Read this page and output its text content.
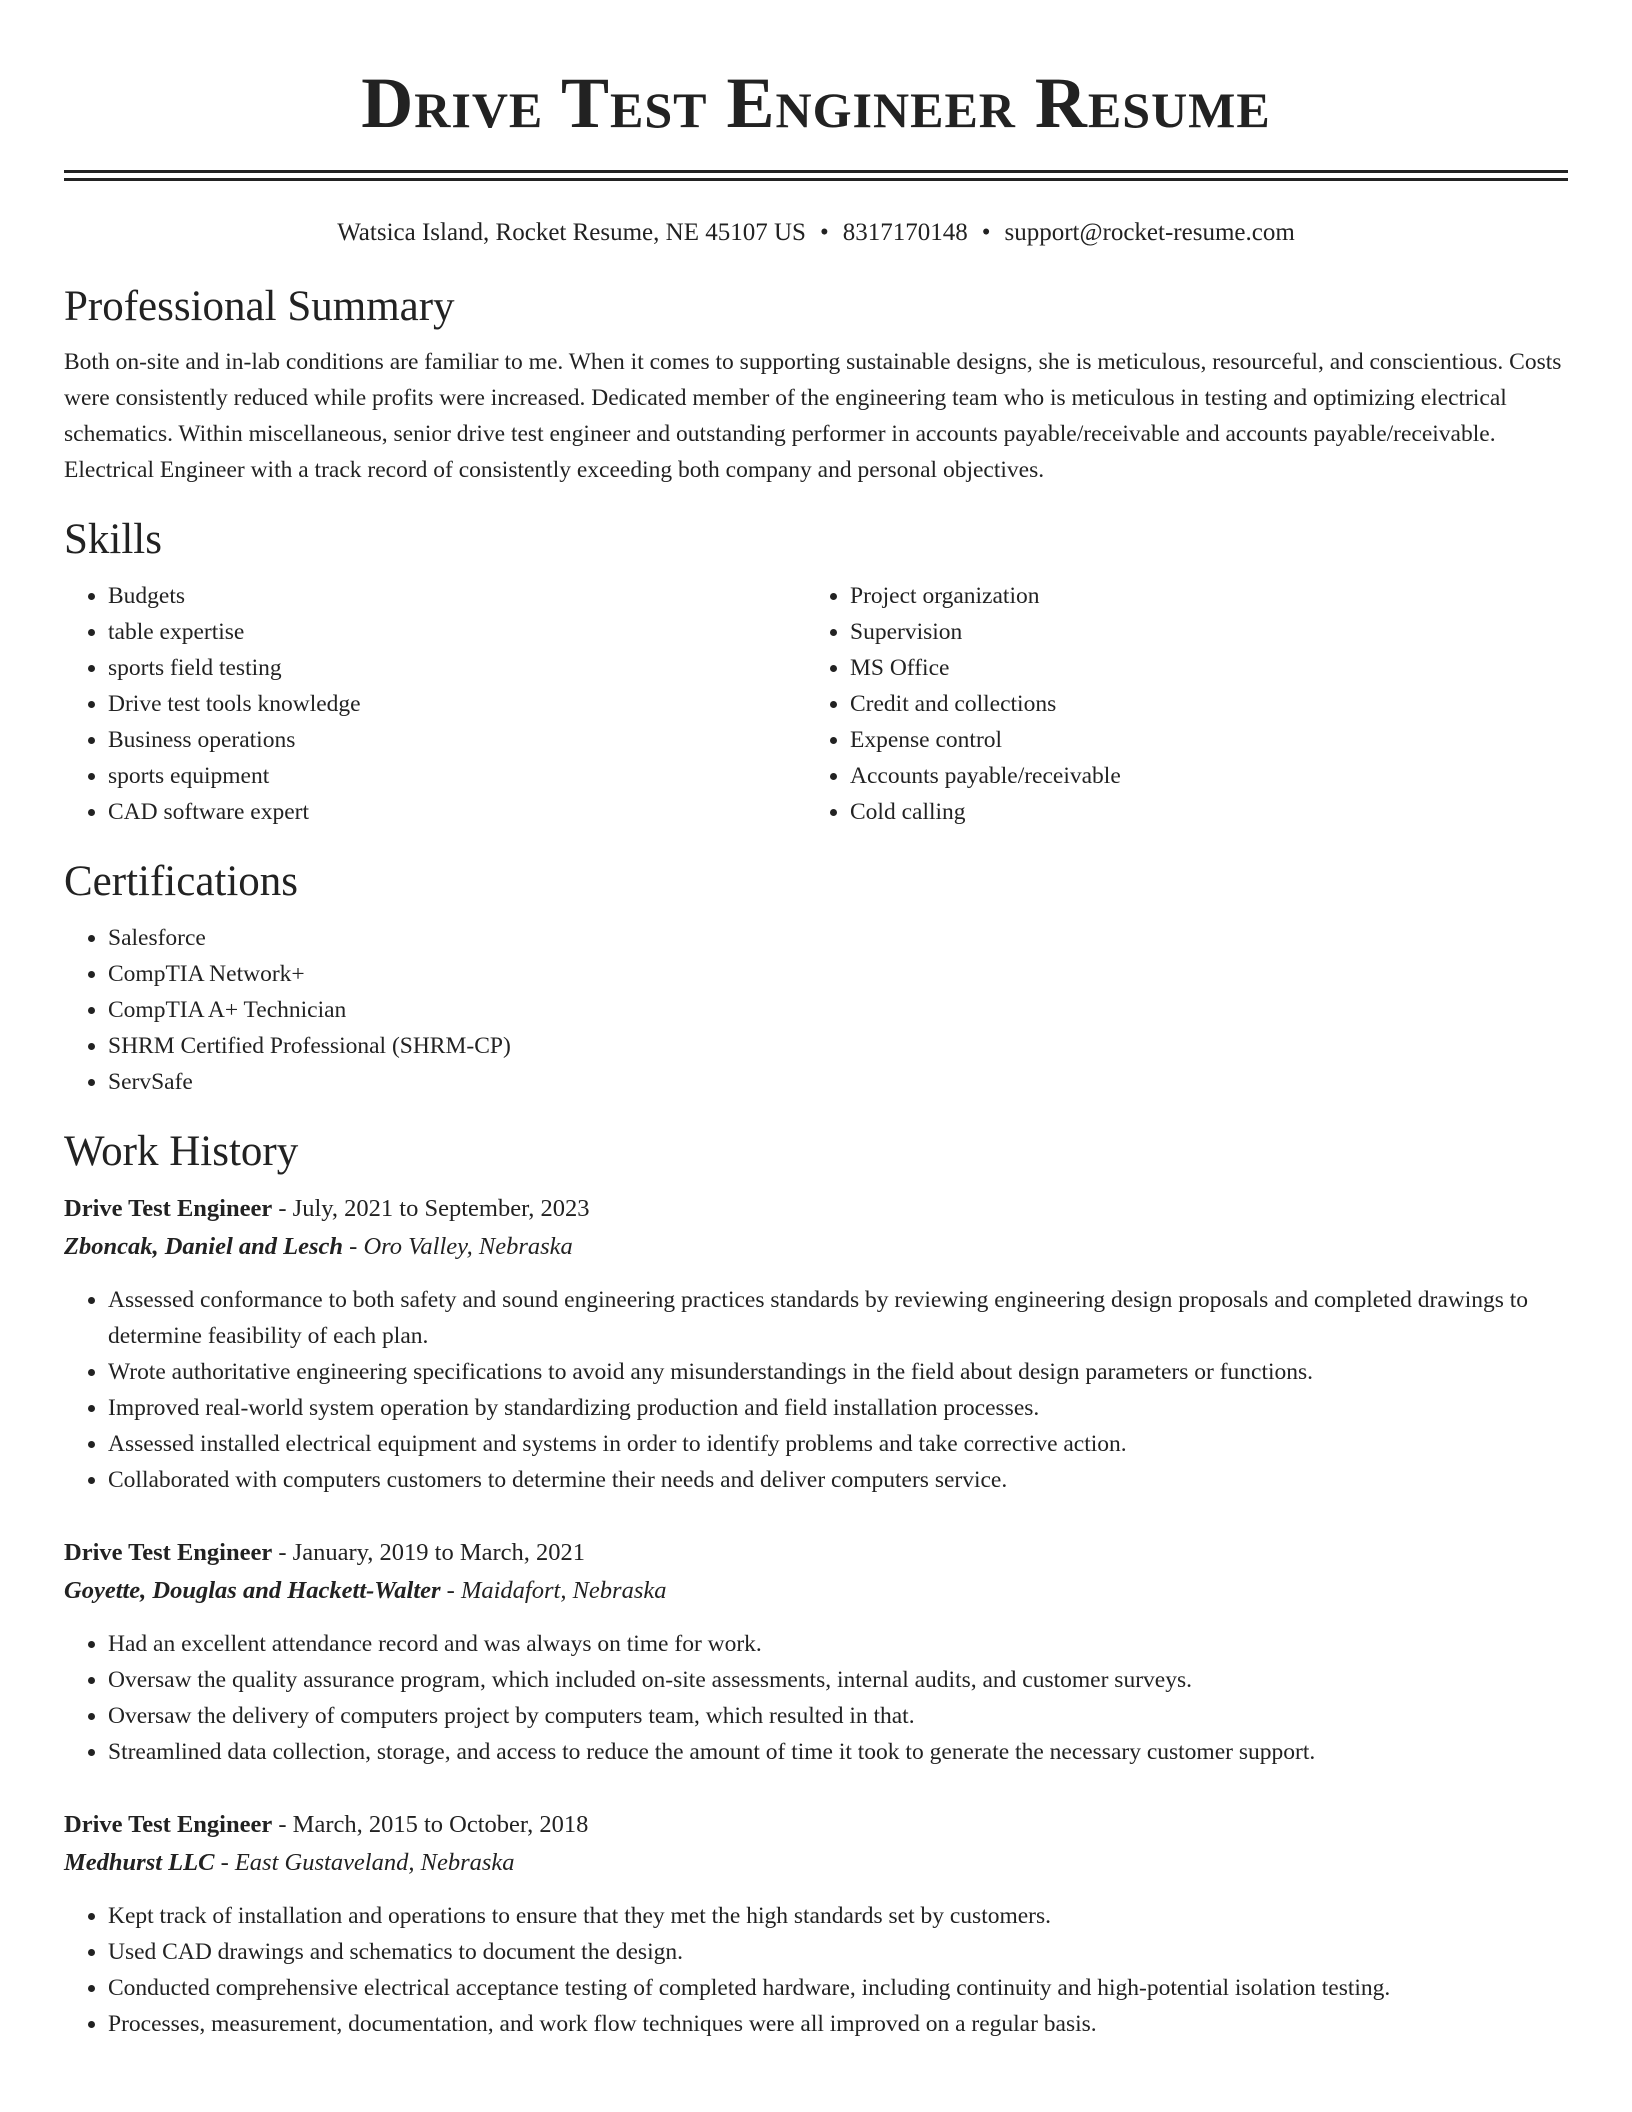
Drive Test Engineer Resume
Watsica Island, Rocket Resume, NE 45107 US • 8317170148 • support@rocket-resume.com
Professional Summary

Both on-site and in-lab conditions are familiar to me. When it comes to supporting sustainable designs, she is meticulous, resourceful, and conscientious. Costs were consistently reduced while profits were increased. Dedicated member of the engineering team who is meticulous in testing and optimizing electrical schematics. Within miscellaneous, senior drive test engineer and outstanding performer in accounts payable/receivable and accounts payable/receivable. Electrical Engineer with a track record of consistently exceeding both company and personal objectives.

Skills
• Budgets
• table expertise
• sports field testing
• Drive test tools knowledge
• Business operations
• sports equipment
• CAD software expert
• Project organization
• Supervision
• MS Office
• Credit and collections
• Expense control
• Accounts payable/receivable
• Cold calling
Certifications
• Salesforce
• CompTIA Network+
• CompTIA A+ Technician
• SHRM Certified Professional (SHRM-CP)
• ServSafe
Work History
Drive Test Engineer - July, 2021 to September, 2023
Zboncak, Daniel and Lesch - Oro Valley, Nebraska
• Assessed conformance to both safety and sound engineering practices standards by reviewing engineering design proposals and completed drawings to determine feasibility of each plan.
• Wrote authoritative engineering specifications to avoid any misunderstandings in the field about design parameters or functions.
• Improved real-world system operation by standardizing production and field installation processes.
• Assessed installed electrical equipment and systems in order to identify problems and take corrective action.
• Collaborated with computers customers to determine their needs and deliver computers service.
Drive Test Engineer - January, 2019 to March, 2021
Goyette, Douglas and Hackett-Walter - Maidafort, Nebraska
• Had an excellent attendance record and was always on time for work.
• Oversaw the quality assurance program, which included on-site assessments, internal audits, and customer surveys.
• Oversaw the delivery of computers project by computers team, which resulted in that.
• Streamlined data collection, storage, and access to reduce the amount of time it took to generate the necessary customer support.
Drive Test Engineer - March, 2015 to October, 2018
Medhurst LLC - East Gustaveland, Nebraska
• Kept track of installation and operations to ensure that they met the high standards set by customers.
• Used CAD drawings and schematics to document the design.
• Conducted comprehensive electrical acceptance testing of completed hardware, including continuity and high-potential isolation testing.
• Processes, measurement, documentation, and work flow techniques were all improved on a regular basis.
